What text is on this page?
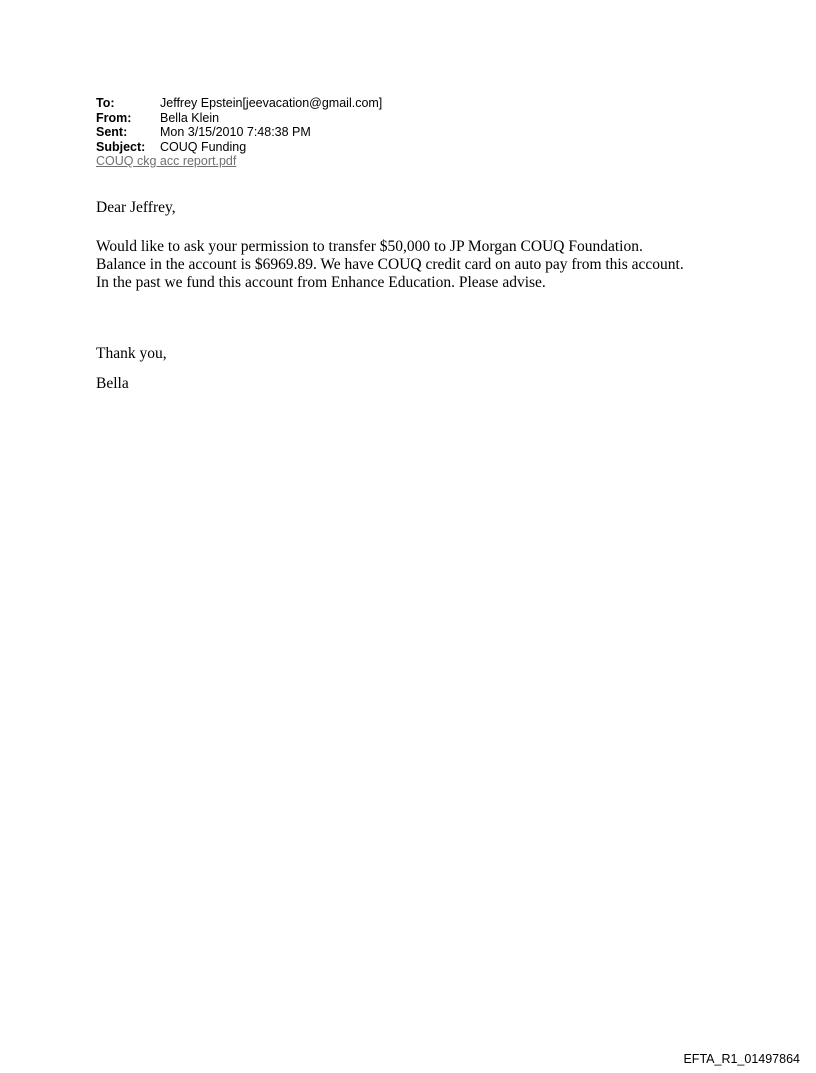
To:	Jeffrey Epstein[jeevacation@gmail.com]
From:	Bella Klein
Sent:	Mon 3/15/2010 7:48:38 PM
Subject:	COUQ Funding
COUQ ckg acc report.pdf
Dear Jeffrey,
Would like to ask your permission to transfer $50,000 to JP Morgan COUQ Foundation.
Balance in the account is $6969.89. We have COUQ credit card on auto pay from this account.
In the past we fund this account from Enhance Education. Please advise.
Thank you,
Bella
EFTA_R1_01497864
